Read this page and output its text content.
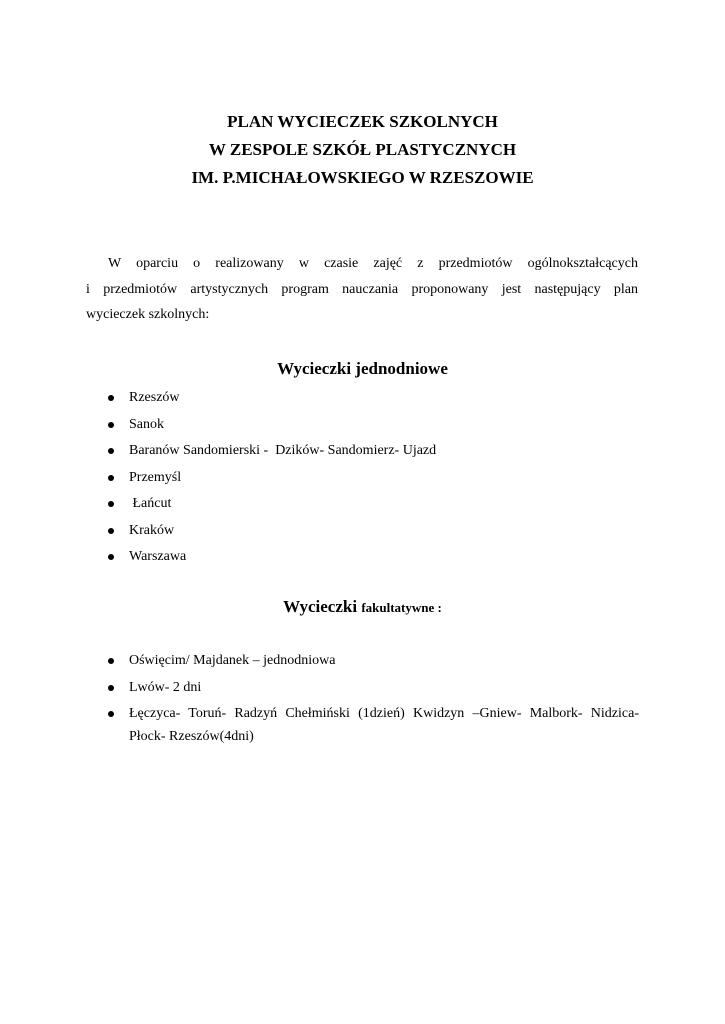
PLAN WYCIECZEK SZKOLNYCH
W ZESPOLE SZKÓŁ PLASTYCZNYCH
IM. P.MICHAŁOWSKIEGO W RZESZOWIE
W oparciu o realizowany w czasie zajęć z przedmiotów ogólnokształcących
i przedmiotów artystycznych program nauczania proponowany jest następujący plan
wycieczek szkolnych:
Wycieczki jednodniowe
Rzeszów
Sanok
Baranów Sandomierski -  Dzików- Sandomierz- Ujazd
Przemyśl
Łańcut
Kraków
Warszawa
Wycieczki fakultatywne :
Oświęcim/ Majdanek – jednodniowa
Lwów- 2 dni
Łęczyca- Toruń- Radzyń Chełmiński (1dzień) Kwidzyn –Gniew- Malbork- Nidzica-
Płock- Rzeszów(4dni)
